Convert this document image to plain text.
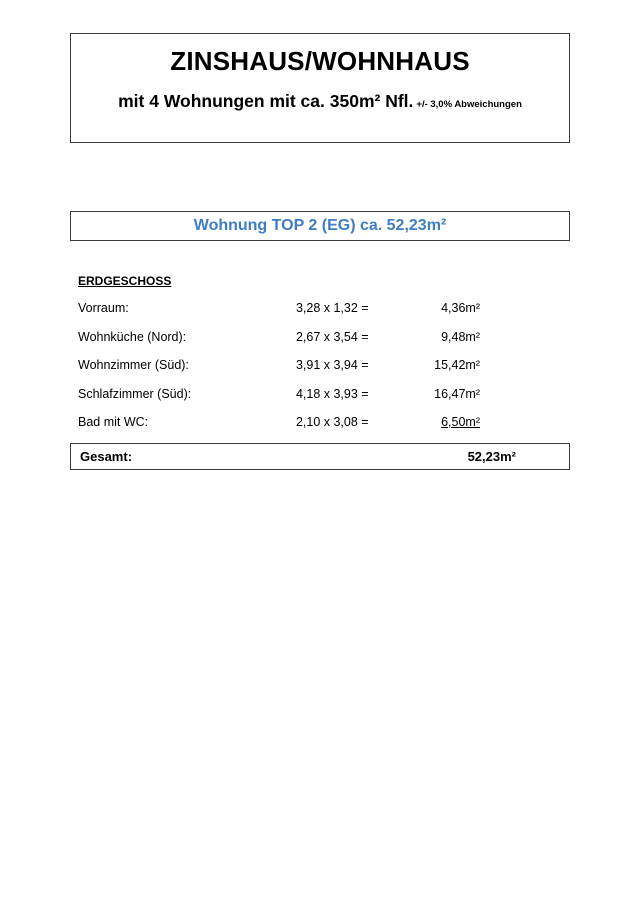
ZINSHAUS/WOHNHAUS
mit 4 Wohnungen mit ca. 350m² Nfl. +/- 3,0% Abweichungen
Wohnung TOP 2 (EG) ca. 52,23m²
ERDGESCHOSS
Vorraum:	3,28 x 1,32 =	4,36m²
Wohnküche (Nord):	2,67 x 3,54 =	9,48m²
Wohnzimmer (Süd):	3,91 x 3,94 =	15,42m²
Schlafzimmer (Süd):	4,18 x 3,93 =	16,47m²
Bad mit WC:	2,10 x 3,08 =	6,50m²
Gesamt:	52,23m²
